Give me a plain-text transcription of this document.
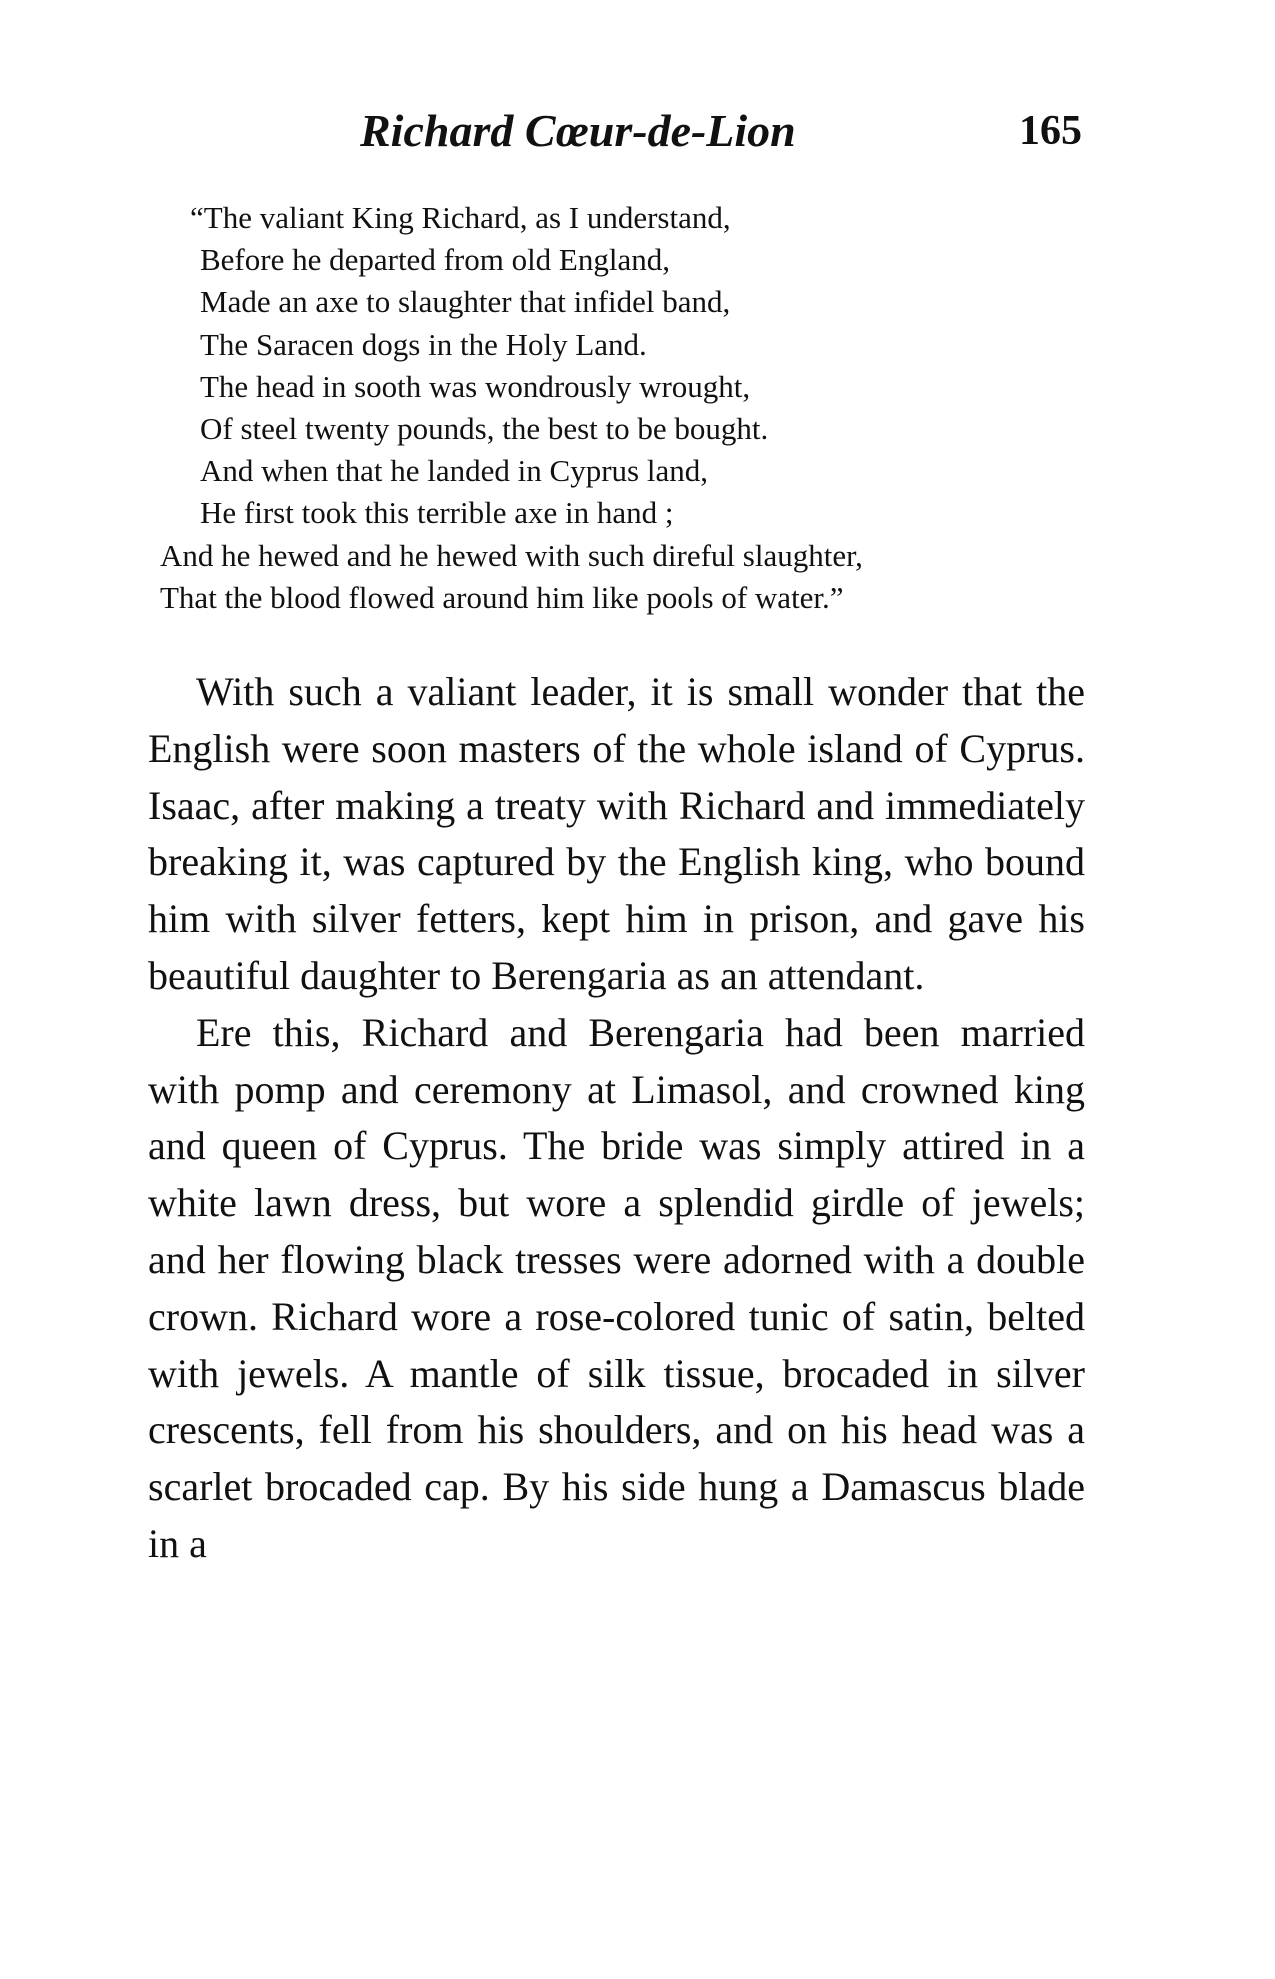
Richard Cœur-de-Lion	165
“The valiant King Richard, as I understand,
Before he departed from old England,
Made an axe to slaughter that infidel band,
The Saracen dogs in the Holy Land.
The head in sooth was wondrously wrought,
Of steel twenty pounds, the best to be bought.
And when that he landed in Cyprus land,
He first took this terrible axe in hand ;
And he hewed and he hewed with such direful slaughter,
That the blood flowed around him like pools of water.”

With such a valiant leader, it is small wonder that the English were soon masters of the whole island of Cyprus. Isaac, after making a treaty with Richard and immediately breaking it, was captured by the English king, who bound him with silver fetters, kept him in prison, and gave his beautiful daughter to Berengaria as an attendant.

Ere this, Richard and Berengaria had been married with pomp and ceremony at Limasol, and crowned king and queen of Cyprus. The bride was simply attired in a white lawn dress, but wore a splendid girdle of jewels; and her flowing black tresses were adorned with a double crown. Richard wore a rose-colored tunic of satin, belted with jewels. A mantle of silk tissue, brocaded in silver crescents, fell from his shoulders, and on his head was a scarlet brocaded cap. By his side hung a Damascus blade in a
